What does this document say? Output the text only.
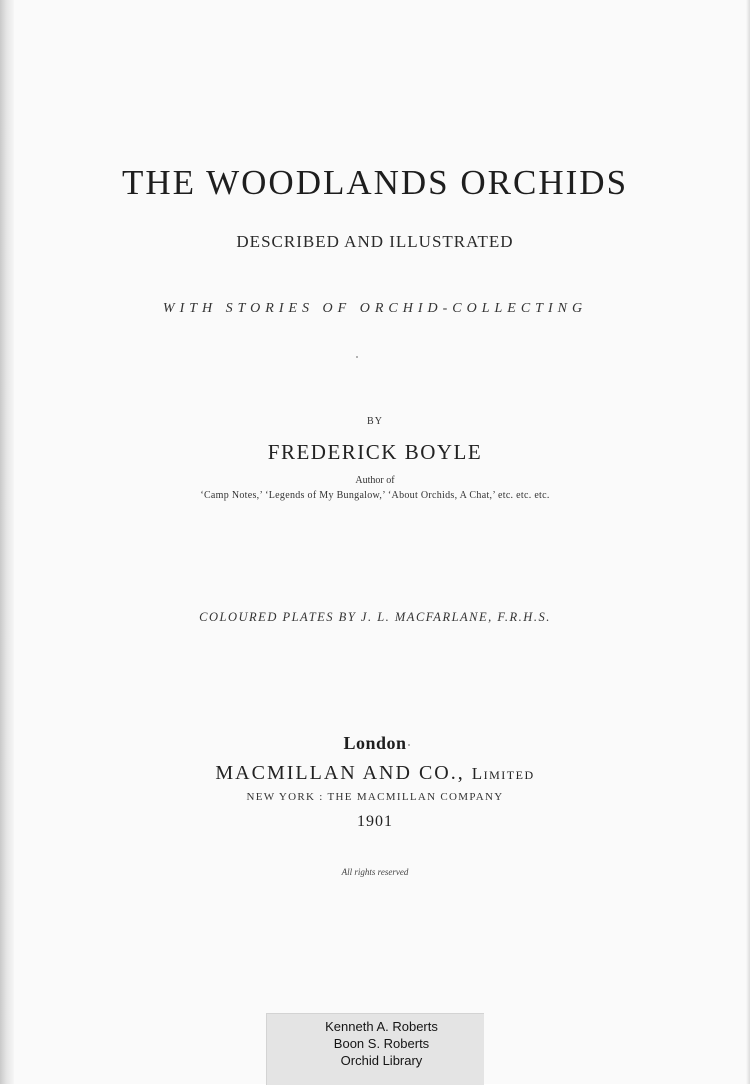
THE WOODLANDS ORCHIDS
DESCRIBED AND ILLUSTRATED
WITH STORIES OF ORCHID-COLLECTING
BY
FREDERICK BOYLE
Author of
‘Camp Notes,’ ‘Legends of My Bungalow,’ ‘About Orchids, A Chat,’ etc. etc. etc.
COLOURED PLATES BY J. L. MACFARLANE, F.R.H.S.
London
MACMILLAN AND CO., Limited
NEW YORK : THE MACMILLAN COMPANY
1901
All rights reserved
Kenneth A. Roberts
Boon S. Roberts
Orchid Library
